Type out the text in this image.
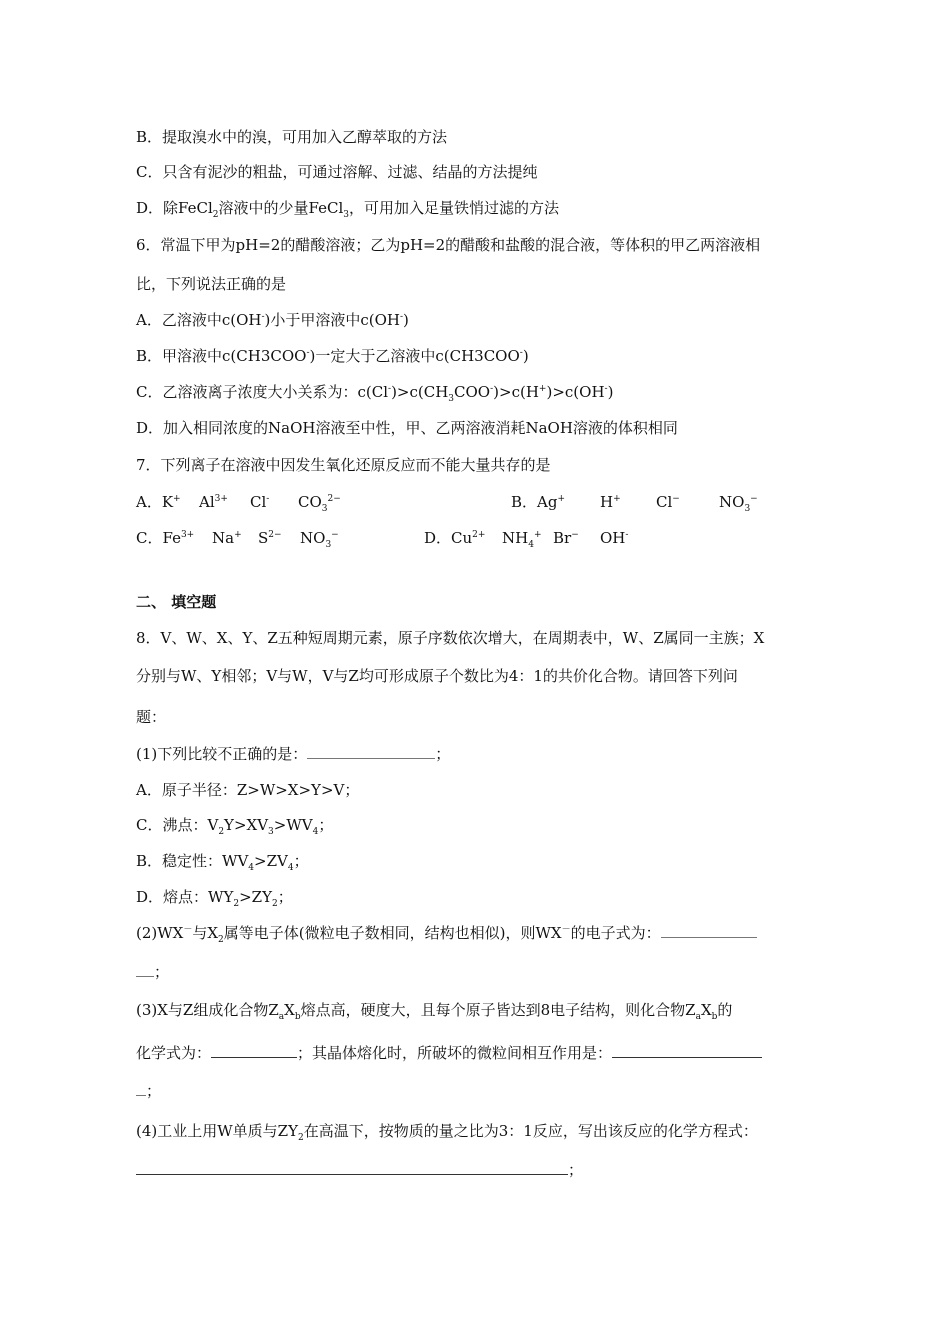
B．提取溴水中的溴，可用加入乙醇萃取的方法
C．只含有泥沙的粗盐，可通过溶解、过滤、结晶的方法提纯
D．除FeCl$_2$溶液中的少量FeCl$_3$，可用加入足量铁悄过滤的方法
6．常温下甲为pH=2的醋酸溶液；乙为pH=2的醋酸和盐酸的混合液，等体积的甲乙两溶液相
比，下列说法正确的是
A．乙溶液中c(OH-)小于甲溶液中c(OH-)
B．甲溶液中c(CH3COO-)一定大于乙溶液中c(CH3COO-)
C．乙溶液离子浓度大小关系为：$c(Cl^-)>c(CH_3COO^-)>c(H^+)>c(OH^-)$
D．加入相同浓度的NaOH溶液至中性，甲、乙两溶液消耗NaOH溶液的体积相同
7．下列离子在溶液中因发生氧化还原反应而不能大量共存的是
A．K+ $Al^{3+}$ Cl- $CO_3^{2-}$	B．Ag+ H+ Cl−	$NO_3^-$
C．$Fe^{3+}$ Na+ $S^{2-}$ $NO_3^-$	D．$Cu^{2+}$ $NH_4^+$ Br− OH-
二、 填空题
8．V、W、X、Y、Z五种短周期元素，原子序数依次增大，在周期表中，W、Z属同一主族；X
分别与W、Y相邻；V与W，V与Z均可形成原子个数比为4：1的共价化合物。请回答下列问
题：
(1)下列比较不正确的是：	；
A．原子半径：Z>W>X>Y>V；
C．沸点：$V_2Y>XV_3>WV_4$；
B．稳定性：$WV_4>ZV_4$；
D．熔点：$WY_2>ZY_2$；
(2)WX－与$X_2$属等电子体(微粒电子数相同，结构也相似)，则WX－的电子式为：
；
(3)X与Z组成化合物$Z_aX_b$熔点高，硬度大，且每个原子皆达到8电子结构，则化合物$Z_aX_b$的
化学式为：	；其晶体熔化时，所破坏的微粒间相互作用是：
；
(4)工业上用W单质与$ZY_2$在高温下，按物质的量之比为3：1反应，写出该反应的化学方程式：
；
